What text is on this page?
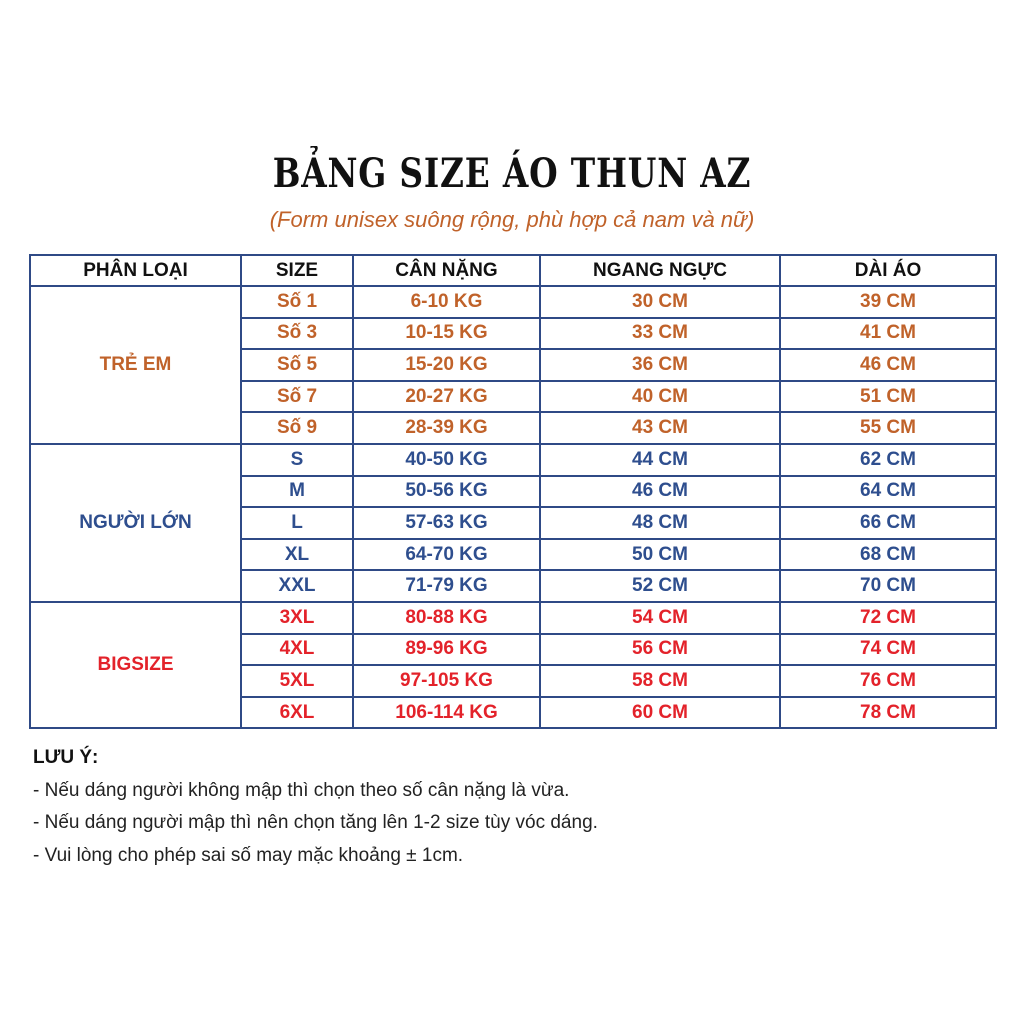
BẢNG SIZE ÁO THUN AZ
(Form unisex suông rộng, phù hợp cả nam và nữ)
PHÂN LOẠI	SIZE	CÂN NẶNG	NGANG NGỰC	DÀI ÁO
TRẺ EM	Số 1	6-10 KG	30 CM	39 CM
	Số 3	10-15 KG	33 CM	41 CM
	Số 5	15-20 KG	36 CM	46 CM
	Số 7	20-27 KG	40 CM	51 CM
	Số 9	28-39 KG	43 CM	55 CM
NGƯỜI LỚN	S	40-50 KG	44 CM	62 CM
	M	50-56 KG	46 CM	64 CM
	L	57-63 KG	48 CM	66 CM
	XL	64-70 KG	50 CM	68 CM
	XXL	71-79 KG	52 CM	70 CM
BIGSIZE	3XL	80-88 KG	54 CM	72 CM
	4XL	89-96 KG	56 CM	74 CM
	5XL	97-105 KG	58 CM	76 CM
	6XL	106-114 KG	60 CM	78 CM
LƯU Ý:
- Nếu dáng người không mập thì chọn theo số cân nặng là vừa.
- Nếu dáng người mập thì nên chọn tăng lên 1-2 size tùy vóc dáng.
- Vui lòng cho phép sai số may mặc khoảng ± 1cm.
